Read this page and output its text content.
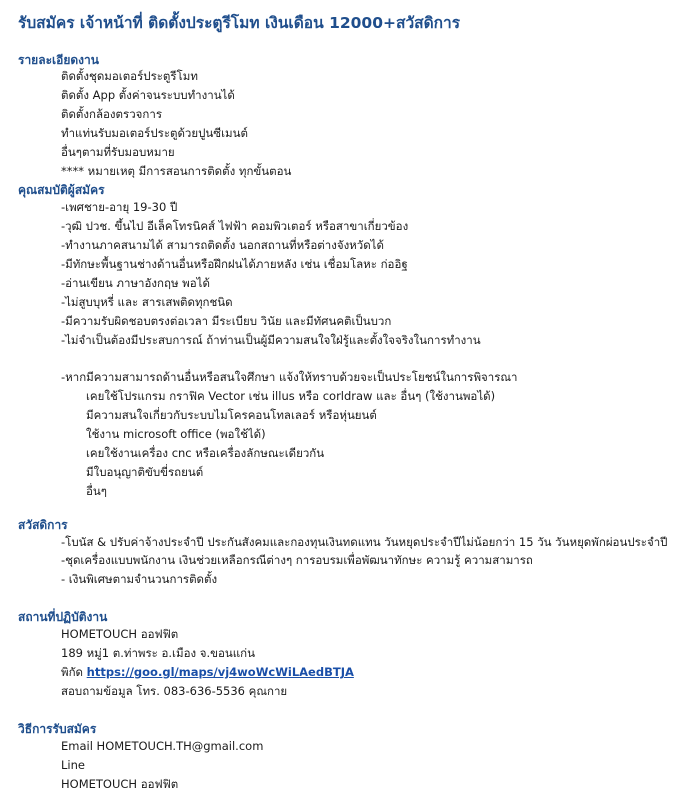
รับสมัคร เจ้าหน้าที่ ติดตั้งประตูรีโมท เงินเดือน 12000+สวัสดิการ
รายละเอียดงาน
ติดตั้งชุดมอเตอร์ประตูรีโมท
ติดตั้ง App ตั้งค่าจนระบบทำงานได้
ติดตั้งกล้องตรวจการ
ทำแท่นรับมอเตอร์ประตูด้วยปูนซีเมนต์
อื่นๆตามที่รับมอบหมาย
**** หมายเหตุ มีการสอนการติดตั้ง ทุกขั้นตอน
คุณสมบัติผู้สมัคร
-เพศชาย-อายุ 19-30 ปี
-วุฒิ ปวช. ขึ้นไป อีเล็คโทรนิคส์ ไฟฟ้า คอมพิวเตอร์ หรือสาขาเกี่ยวข้อง
-ทำงานภาคสนามได้ สามารถติดตั้ง นอกสถานที่หรือต่างจังหวัดได้
-มีทักษะพื้นฐานช่างด้านอื่นหรือฝึกฝนได้ภายหลัง เช่น เชื่อมโลหะ ก่ออิฐ
-อ่านเขียน ภาษาอังกฤษ พอได้
-ไม่สูบบุหรี่ และ สารเสพติดทุกชนิด
-มีความรับผิดชอบตรงต่อเวลา มีระเบียบ วินัย และมีทัศนคติเป็นบวก
-ไม่จำเป็นต้องมีประสบการณ์ ถ้าท่านเป็นผู้มีความสนใจใฝ่รู้และตั้งใจจริงในการทำงาน
-หากมีความสามารถด้านอื่นหรือสนใจศึกษา แจ้งให้ทราบด้วยจะเป็นประโยชน์ในการพิจารณา
เคยใช้โปรแกรม กราฟิค Vector เช่น illus หรือ corldraw และ อื่นๆ (ใช้งานพอได้)
มีความสนใจเกี่ยวกับระบบไมโครคอนโทลเลอร์ หรือหุ่นยนต์
ใช้งาน microsoft office (พอใช้ได้)
เคยใช้งานเครื่อง cnc หรือเครื่องลักษณะเดียวกัน
มีใบอนุญาติขับขี่รถยนต์
อื่นๆ
สวัสดิการ
-โบนัส & ปรับค่าจ้างประจำปี ประกันสังคมและกองทุนเงินทดแทน วันหยุดประจำปีไม่น้อยกว่า 15 วัน วันหยุดพักผ่อนประจำปี
-ชุดเครื่องแบบพนักงาน เงินช่วยเหลือกรณีต่างๆ การอบรมเพื่อพัฒนาทักษะ ความรู้ ความสามารถ
- เงินพิเศษตามจำนวนการติดตั้ง
สถานที่ปฏิบัติงาน
HOMETOUCH ออฟฟิต
189 หมู่1 ต.ท่าพระ อ.เมือง จ.ขอนแก่น
พิกัด https://goo.gl/maps/vj4woWcWiLAedBTJA
สอบถามข้อมูล โทร. 083-636-5536 คุณกาย
วิธีการรับสมัคร
Email HOMETOUCH.TH@gmail.com
Line
HOMETOUCH ออฟฟิต
